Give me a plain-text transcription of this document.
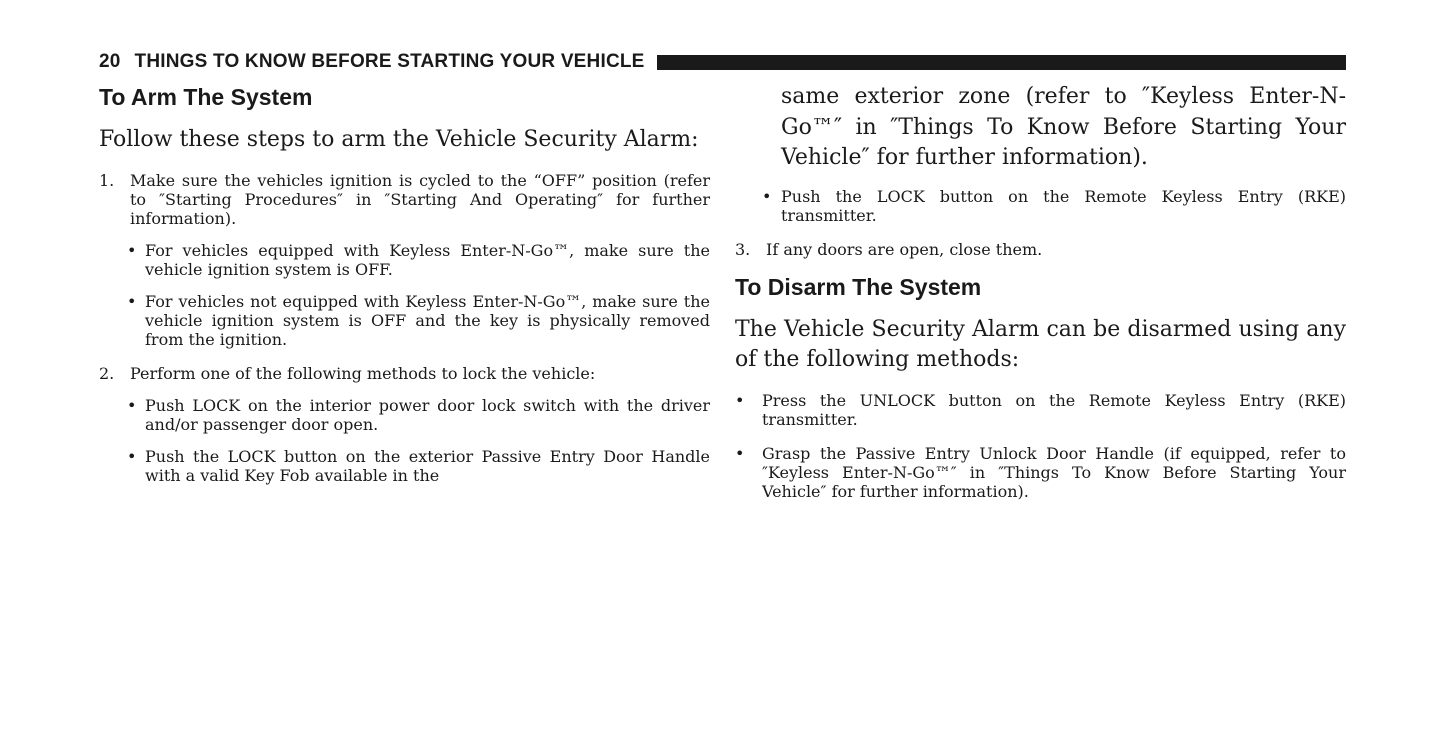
20 THINGS TO KNOW BEFORE STARTING YOUR VEHICLE
To Arm The System

Follow these steps to arm the Vehicle Security Alarm:

1. Make sure the vehicles ignition is cycled to the “OFF” position (refer to ″Starting Procedures″ in ″Starting And Operating″ for further information).
• For vehicles equipped with Keyless Enter-N-Go™, make sure the vehicle ignition system is OFF.
• For vehicles not equipped with Keyless Enter-N-Go™, make sure the vehicle ignition system is OFF and the key is physically removed from the ignition.
2. Perform one of the following methods to lock the vehicle:
• Push LOCK on the interior power door lock switch with the driver and/or passenger door open.
• Push the LOCK button on the exterior Passive Entry Door Handle with a valid Key Fob available in the

same exterior zone (refer to ″Keyless Enter-N-Go™″ in ″Things To Know Before Starting Your Vehicle″ for further information).

• Push the LOCK button on the Remote Keyless Entry (RKE) transmitter.
3. If any doors are open, close them.
To Disarm The System

The Vehicle Security Alarm can be disarmed using any of the following methods:

•	Press the UNLOCK button on the Remote Keyless Entry (RKE) transmitter.
•	Grasp the Passive Entry Unlock Door Handle (if equipped, refer to ″Keyless Enter-N-Go™″ in ″Things To Know Before Starting Your Vehicle″ for further information).
